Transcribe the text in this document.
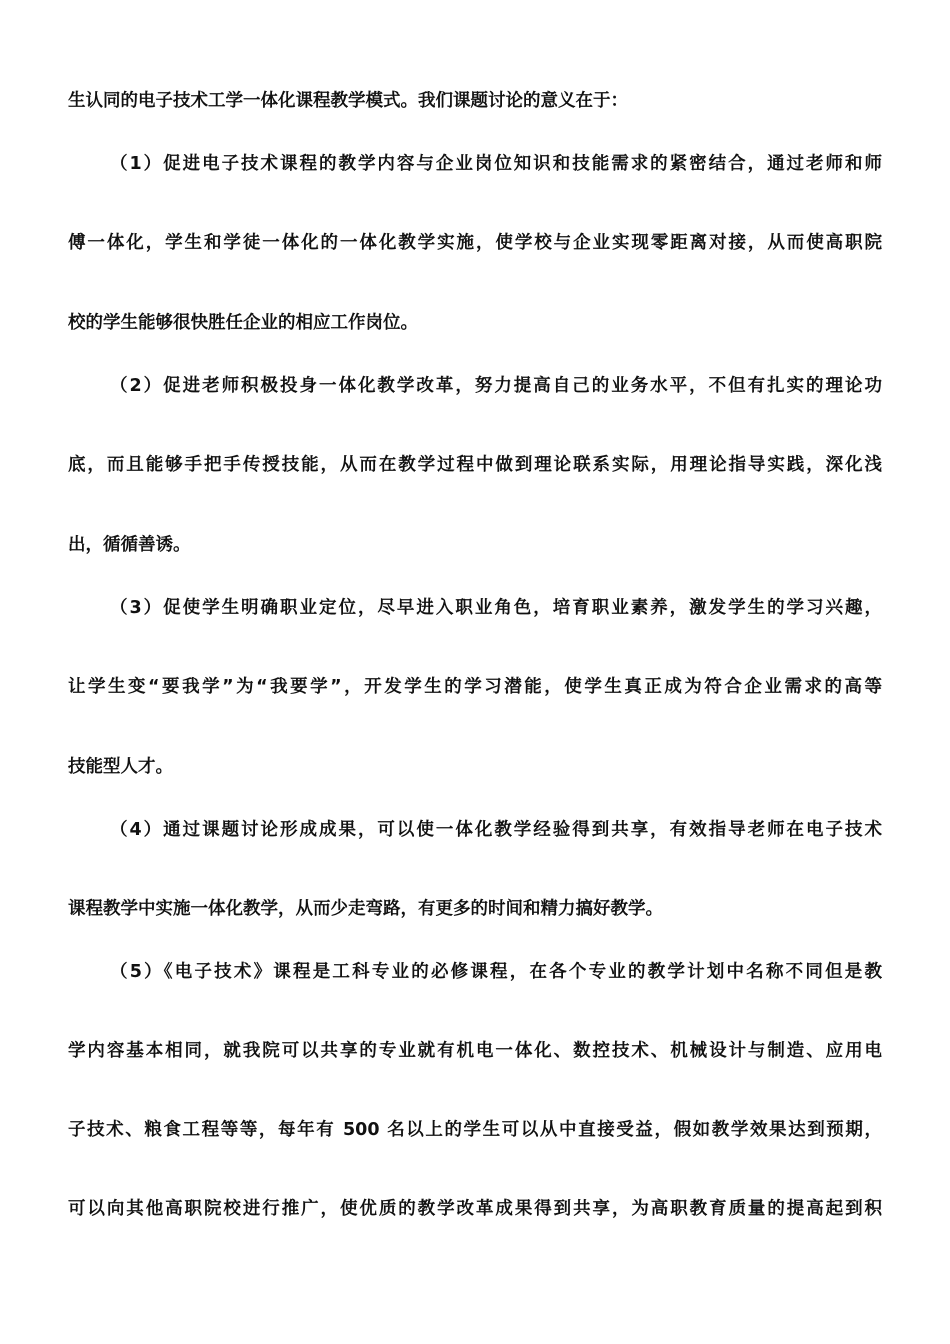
生认同的电子技术工学一体化课程教学模式。我们课题讨论的意义在于：
（1）促进电子技术课程的教学内容与企业岗位知识和技能需求的紧密结合，通过老师和师
傅一体化，学生和学徒一体化的一体化教学实施，使学校与企业实现零距离对接，从而使高职院
校的学生能够很快胜任企业的相应工作岗位。
（2）促进老师积极投身一体化教学改革，努力提高自己的业务水平，不但有扎实的理论功
底，而且能够手把手传授技能，从而在教学过程中做到理论联系实际，用理论指导实践，深化浅
出，循循善诱。
（3）促使学生明确职业定位，尽早进入职业角色，培育职业素养，激发学生的学习兴趣，
让学生变“要我学”为“我要学”，开发学生的学习潜能，使学生真正成为符合企业需求的高等
技能型人才。
（4）通过课题讨论形成成果，可以使一体化教学经验得到共享，有效指导老师在电子技术
课程教学中实施一体化教学，从而少走弯路，有更多的时间和精力搞好教学。
（5）《电子技术》课程是工科专业的必修课程，在各个专业的教学计划中名称不同但是教
学内容基本相同，就我院可以共享的专业就有机电一体化、数控技术、机械设计与制造、应用电
子技术、粮食工程等等，每年有 500 名以上的学生可以从中直接受益，假如教学效果达到预期，
可以向其他高职院校进行推广，使优质的教学改革成果得到共享，为高职教育质量的提高起到积
